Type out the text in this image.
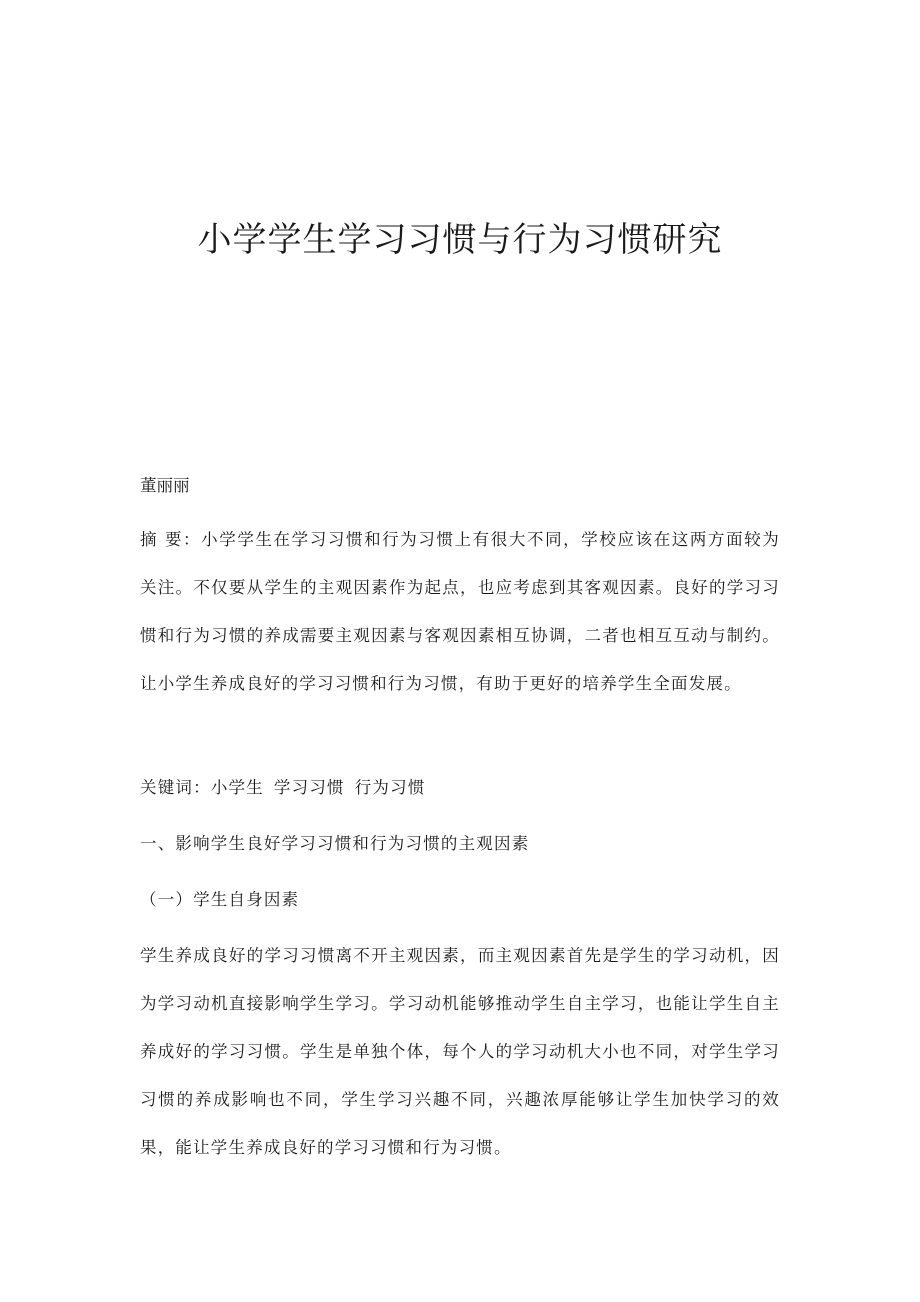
小学学生学习习惯与行为习惯研究

董丽丽

摘 要：小学学生在学习习惯和行为习惯上有很大不同，学校应该在这两方面较为关注。不仅要从学生的主观因素作为起点，也应考虑到其客观因素。良好的学习习惯和行为习惯的养成需要主观因素与客观因素相互协调，二者也相互互动与制约。让小学生养成良好的学习习惯和行为习惯，有助于更好的培养学生全面发展。

关键词：小学生 学习习惯 行为习惯

一、影响学生良好学习习惯和行为习惯的主观因素

（一）学生自身因素

学生养成良好的学习习惯离不开主观因素，而主观因素首先是学生的学习动机，因为学习动机直接影响学生学习。学习动机能够推动学生自主学习，也能让学生自主养成好的学习习惯。学生是单独个体，每个人的学习动机大小也不同，对学生学习习惯的养成影响也不同，学生学习兴趣不同，兴趣浓厚能够让学生加快学习的效果，能让学生养成良好的学习习惯和行为习惯。
